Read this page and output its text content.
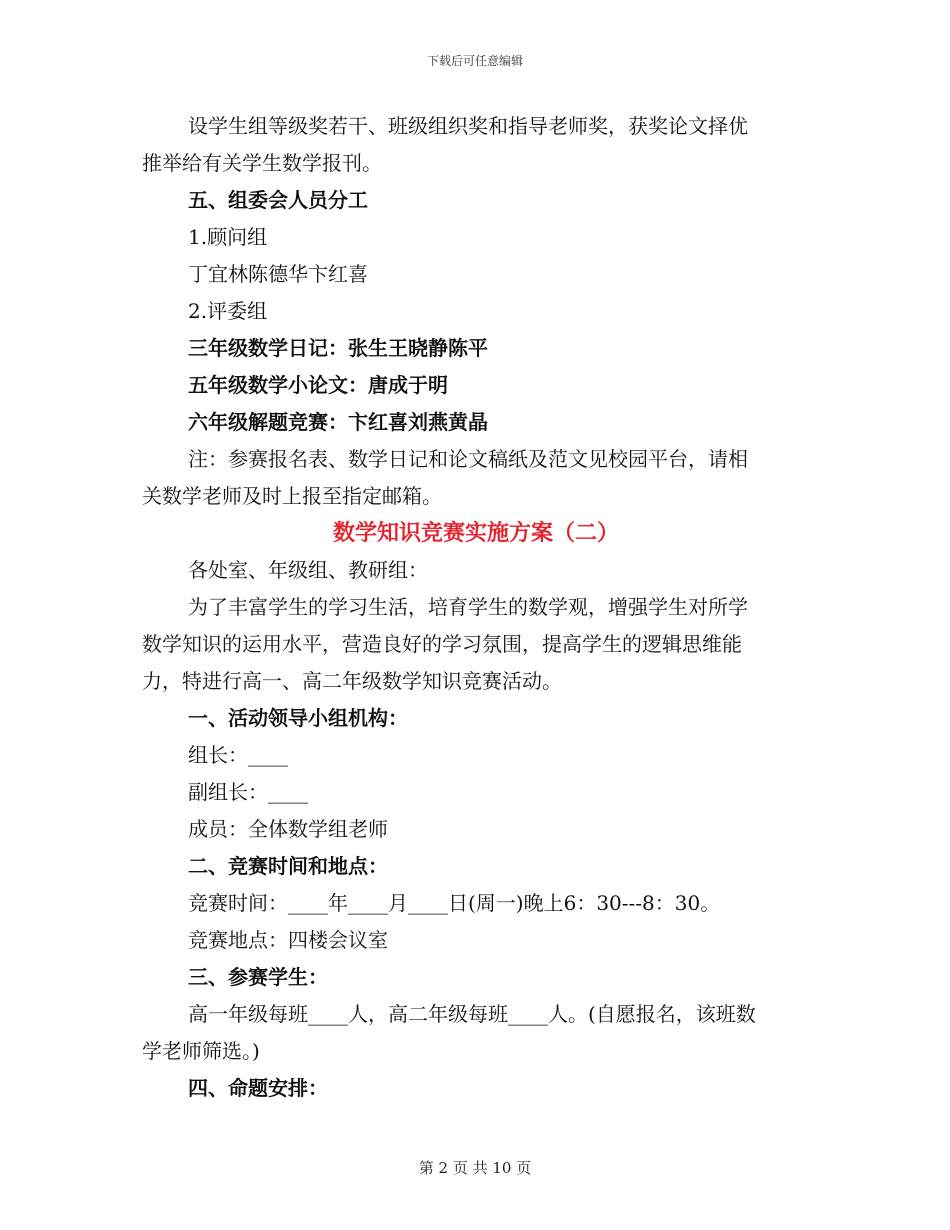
下载后可任意编辑
设学生组等级奖若干、班级组织奖和指导老师奖，获奖论文择优
推举给有关学生数学报刊。
五、组委会人员分工
1.顾问组
丁宜林陈德华卞红喜
2.评委组
三年级数学日记：张生王晓静陈平
五年级数学小论文：唐成于明
六年级解题竞赛：卞红喜刘燕黄晶
注：参赛报名表、数学日记和论文稿纸及范文见校园平台，请相
关数学老师及时上报至指定邮箱。
数学知识竞赛实施方案（二）
各处室、年级组、教研组：
为了丰富学生的学习生活，培育学生的数学观，增强学生对所学
数学知识的运用水平，营造良好的学习氛围，提高学生的逻辑思维能
力，特进行高一、高二年级数学知识竞赛活动。
一、活动领导小组机构：
组长：____
副组长：____
成员：全体数学组老师
二、竞赛时间和地点：
竞赛时间：____年____月____日(周一)晚上6：30---8：30。
竞赛地点：四楼会议室
三、参赛学生：
高一年级每班____人，高二年级每班____人。(自愿报名，该班数
学老师筛选。)
四、命题安排：
第 2 页 共 10 页
